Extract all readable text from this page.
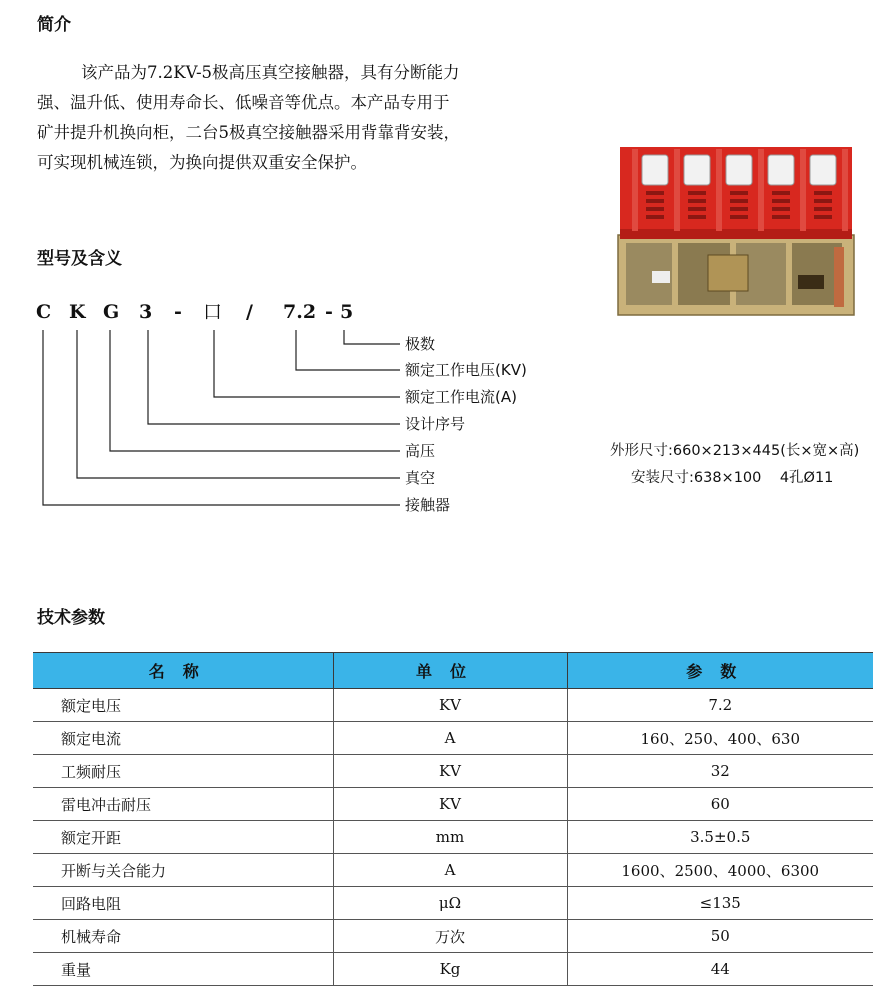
简介

该产品为7.2KV-5极高压真空接触器，具有分断能力

强、温升低、使用寿命长、低噪音等优点。本产品专用于

矿井提升机换向柜，二台5极真空接触器采用背靠背安装，

可实现机械连锁，为换向提供双重安全保护。

型号及含义
C K G 3 - 口 / 7.2 - 5
极数
额定工作电压(KV)
额定工作电流(A)
设计序号
高压
真空
接触器
外形尺寸:660×213×445(长×宽×高)
安装尺寸:638×100    4孔Ø11
技术参数
名称	单位	参数
额定电压	KV	7.2
额定电流	A	160、250、400、630
工频耐压	KV	32
雷电冲击耐压	KV	60
额定开距	mm	3.5±0.5
开断与关合能力	A	1600、2500、4000、6300
回路电阻	μΩ	≤135
机械寿命	万次	50
重量	Kg	44
